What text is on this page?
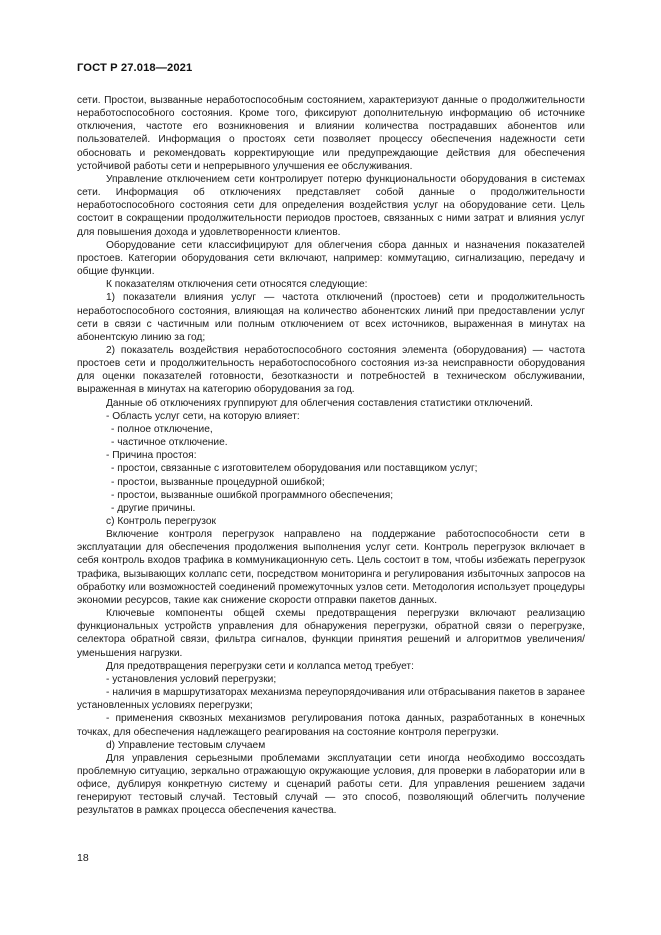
ГОСТ Р 27.018—2021

сети. Простои, вызванные неработоспособным состоянием, характеризуют данные о продолжительности неработоспособного состояния. Кроме того, фиксируют дополнительную информацию об источнике отключения, частоте его возникновения и влиянии количества пострадавших абонентов или пользователей. Информация о простоях сети позволяет процессу обеспечения надежности сети обосновать и рекомендовать корректирующие или предупреждающие действия для обеспечения устойчивой работы сети и непрерывного улучшения ее обслуживания.

Управление отключением сети контролирует потерю функциональности оборудования в системах сети. Информация об отключениях представляет собой данные о продолжительности неработоспособного состояния сети для определения воздействия услуг на оборудование сети. Цель состоит в сокращении продолжительности периодов простоев, связанных с ними затрат и влияния услуг для повышения дохода и удовлетворенности клиентов.

Оборудование сети классифицируют для облегчения сбора данных и назначения показателей простоев. Категории оборудования сети включают, например: коммутацию, сигнализацию, передачу и общие функции.

К показателям отключения сети относятся следующие:

1) показатели влияния услуг — частота отключений (простоев) сети и продолжительность неработоспособного состояния, влияющая на количество абонентских линий при предоставлении услуг сети в связи с частичным или полным отключением от всех источников, выраженная в минутах на абонентскую линию за год;

2) показатель воздействия неработоспособного состояния элемента (оборудования) — частота простоев сети и продолжительность неработоспособного состояния из-за неисправности оборудования для оценки показателей готовности, безотказности и потребностей в техническом обслуживании, выраженная в минутах на категорию оборудования за год.

Данные об отключениях группируют для облегчения составления статистики отключений.

- Область услуг сети, на которую влияет:

- полное отключение,

- частичное отключение.

- Причина простоя:

- простои, связанные с изготовителем оборудования или поставщиком услуг;

- простои, вызванные процедурной ошибкой;

- простои, вызванные ошибкой программного обеспечения;

- другие причины.

с) Контроль перегрузок

Включение контроля перегрузок направлено на поддержание работоспособности сети в эксплуатации для обеспечения продолжения выполнения услуг сети. Контроль перегрузок включает в себя контроль входов трафика в коммуникационную сеть. Цель состоит в том, чтобы избежать перегрузок трафика, вызывающих коллапс сети, посредством мониторинга и регулирования избыточных запросов на обработку или возможностей соединений промежуточных узлов сети. Методология использует процедуры экономии ресурсов, такие как снижение скорости отправки пакетов данных.

Ключевые компоненты общей схемы предотвращения перегрузки включают реализацию функциональных устройств управления для обнаружения перегрузки, обратной связи о перегрузке, селектора обратной связи, фильтра сигналов, функции принятия решений и алгоритмов увеличения/уменьшения нагрузки.

Для предотвращения перегрузки сети и коллапса метод требует:

- установления условий перегрузки;

- наличия в маршрутизаторах механизма переупорядочивания или отбрасывания пакетов в заранее установленных условиях перегрузки;

- применения сквозных механизмов регулирования потока данных, разработанных в конечных точках, для обеспечения надлежащего реагирования на состояние контроля перегрузки.

d) Управление тестовым случаем

Для управления серьезными проблемами эксплуатации сети иногда необходимо воссоздать проблемную ситуацию, зеркально отражающую окружающие условия, для проверки в лаборатории или в офисе, дублируя конкретную систему и сценарий работы сети. Для управления решением задачи генерируют тестовый случай. Тестовый случай — это способ, позволяющий облегчить получение результатов в рамках процесса обеспечения качества.

18
